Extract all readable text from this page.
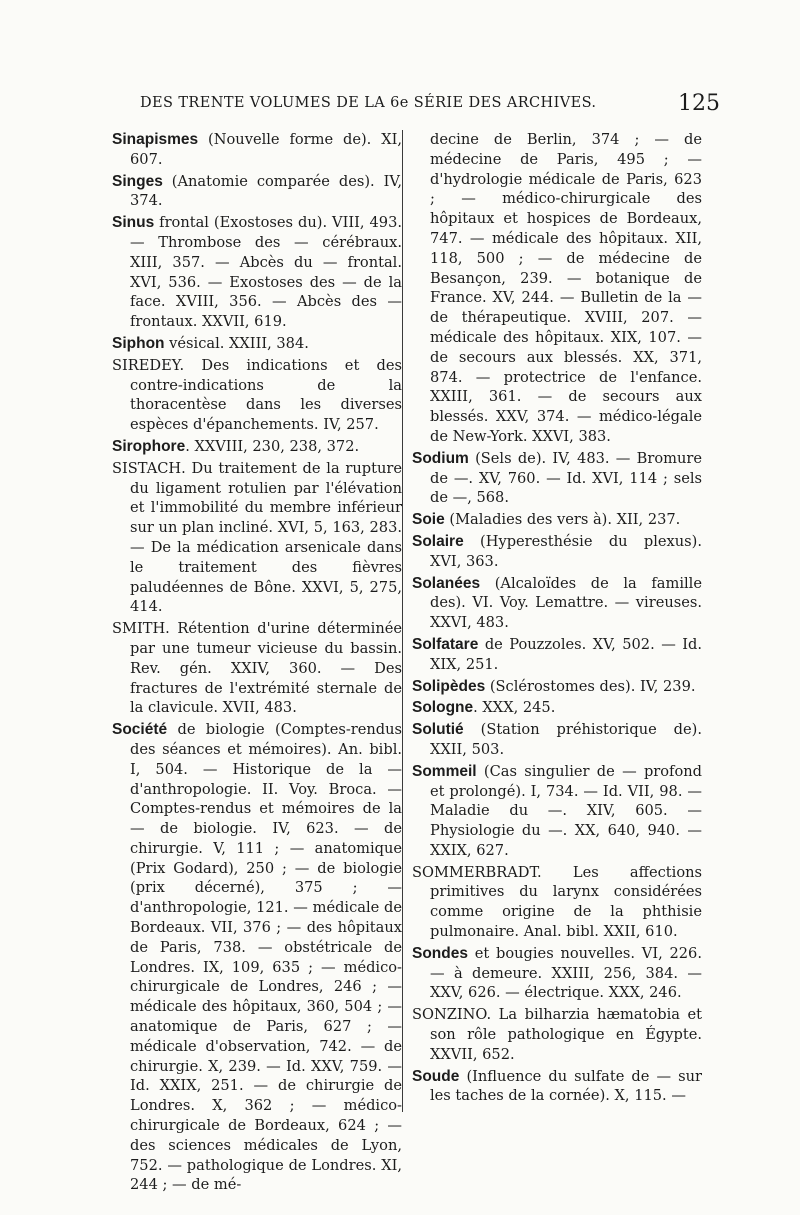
DES TRENTE VOLUMES DE LA 6e SÉRIE DES ARCHIVES.	125

Sinapismes (Nouvelle forme de). XI, 607.

Singes (Anatomie comparée des). IV, 374.

Sinus frontal (Exostoses du). VIII, 493. — Thrombose des — cérébraux. XIII, 357. — Abcès du — frontal. XVI, 536. — Exostoses des — de la face. XVIII, 356. — Abcès des — frontaux. XXVII, 619.

Siphon vésical. XXIII, 384.

SIREDEY. Des indications et des contre-indications de la thoracentèse dans les diverses espèces d'épanchements. IV, 257.

Sirophore. XXVIII, 230, 238, 372.

SISTACH. Du traitement de la rupture du ligament rotulien par l'élévation et l'immobilité du membre inférieur sur un plan incliné. XVI, 5, 163, 283. — De la médication arsenicale dans le traitement des fièvres paludéennes de Bône. XXVI, 5, 275, 414.

SMITH. Rétention d'urine déterminée par une tumeur vicieuse du bassin. Rev. gén. XXIV, 360. — Des fractures de l'extrémité sternale de la clavicule. XVII, 483.

Société de biologie (Comptes-rendus des séances et mémoires). An. bibl. I, 504. — Historique de la — d'anthropologie. II. Voy. Broca. — Comptes-rendus et mémoires de la — de biologie. IV, 623. — de chirurgie. V, 111 ; — anatomique (Prix Godard), 250 ; — de biologie (prix décerné), 375 ; — d'anthropologie, 121. — médicale de Bordeaux. VII, 376 ; — des hôpitaux de Paris, 738. — obstétricale de Londres. IX, 109, 635 ; — médico-chirurgicale de Londres, 246 ; — médicale des hôpitaux, 360, 504 ; — anatomique de Paris, 627 ; — médicale d'observation, 742. — de chirurgie. X, 239. — Id. XXV, 759. — Id. XXIX, 251. — de chirurgie de Londres. X, 362 ; — médico-chirurgicale de Bordeaux, 624 ; — des sciences médicales de Lyon, 752. — pathologique de Londres. XI, 244 ; — de mé-

decine de Berlin, 374 ; — de médecine de Paris, 495 ; — d'hydrologie médicale de Paris, 623 ; — médico-chirurgicale des hôpitaux et hospices de Bordeaux, 747. — médicale des hôpitaux. XII, 118, 500 ; — de médecine de Besançon, 239. — botanique de France. XV, 244. — Bulletin de la — de thérapeutique. XVIII, 207. — médicale des hôpitaux. XIX, 107. — de secours aux blessés. XX, 371, 874. — protectrice de l'enfance. XXIII, 361. — de secours aux blessés. XXV, 374. — médico-légale de New-York. XXVI, 383.

Sodium (Sels de). IV, 483. — Bromure de —. XV, 760. — Id. XVI, 114 ; sels de —, 568.

Soie (Maladies des vers à). XII, 237.

Solaire (Hyperesthésie du plexus). XVI, 363.

Solanées (Alcaloïdes de la famille des). VI. Voy. Lemattre. — vireuses. XXVI, 483.

Solfatare de Pouzzoles. XV, 502. — Id. XIX, 251.

Solipèdes (Sclérostomes des). IV, 239.

Sologne. XXX, 245.

Solutié (Station préhistorique de). XXII, 503.

Sommeil (Cas singulier de — profond et prolongé). I, 734. — Id. VII, 98. — Maladie du —. XIV, 605. — Physiologie du —. XX, 640, 940. — XXIX, 627.

SOMMERBRADT. Les affections primitives du larynx considérées comme origine de la phthisie pulmonaire. Anal. bibl. XXII, 610.

Sondes et bougies nouvelles. VI, 226. — à demeure. XXIII, 256, 384. — XXV, 626. — électrique. XXX, 246.

SONZINO. La bilharzia hæmatobia et son rôle pathologique en Égypte. XXVII, 652.

Soude (Influence du sulfate de — sur les taches de la cornée). X, 115. —
